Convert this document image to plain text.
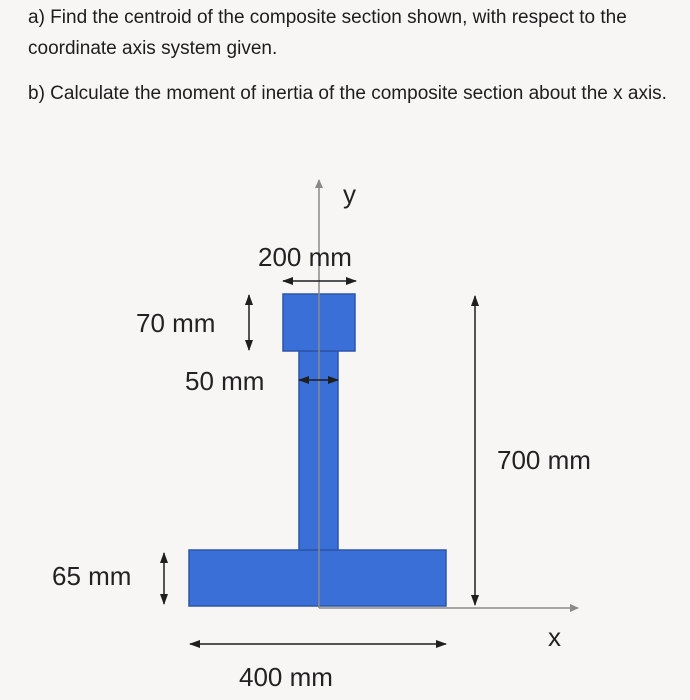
a) Find the centroid of the composite section shown, with respect to the coordinate axis system given.

b) Calculate the moment of inertia of the composite section about the x axis.

y
x
200 mm
70 mm
50 mm
700 mm
65 mm
400 mm
